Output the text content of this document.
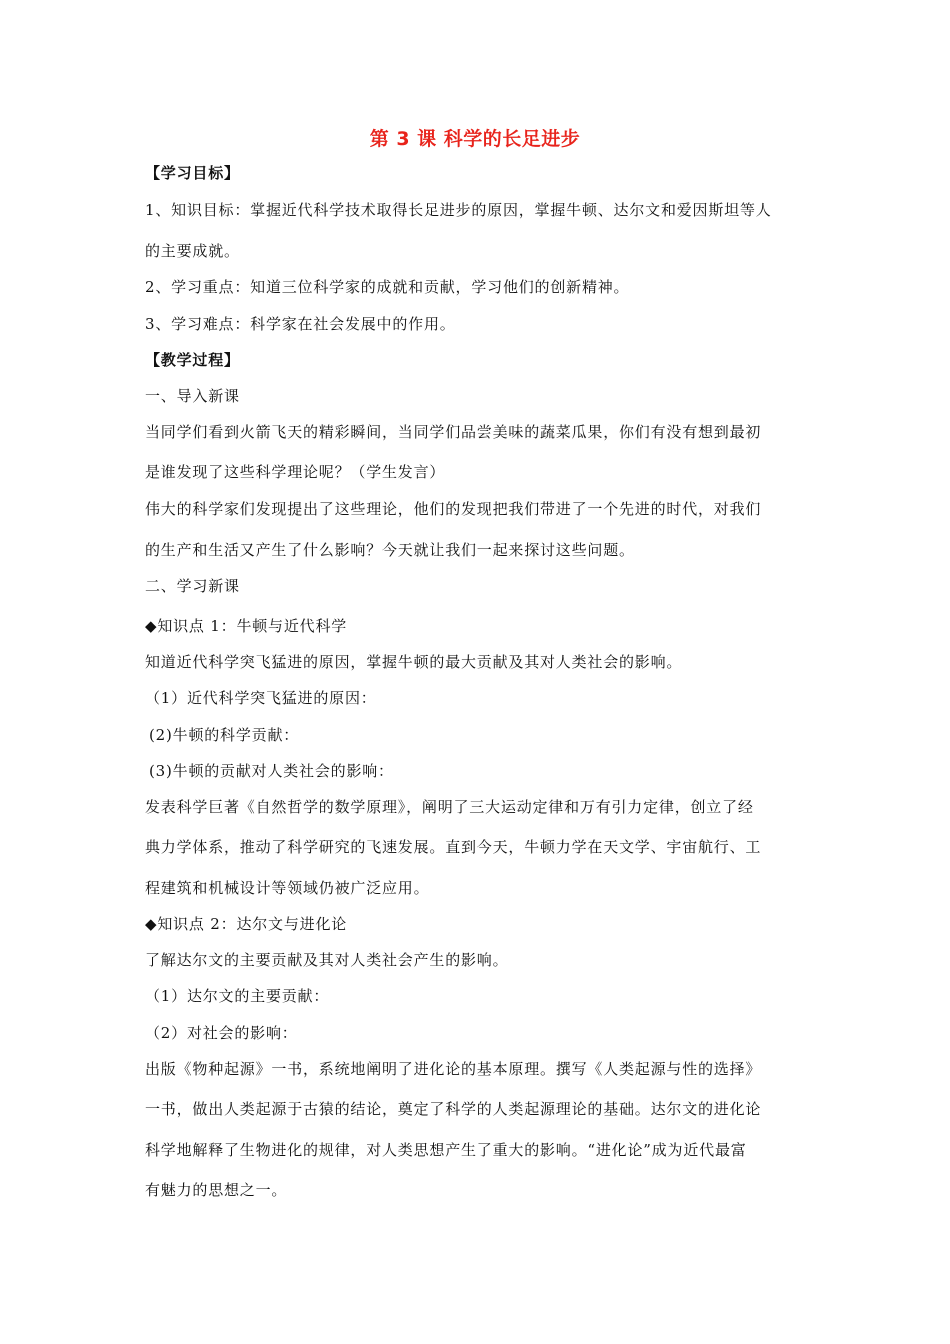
第 3 课 科学的长足进步
【学习目标】
1、知识目标：掌握近代科学技术取得长足进步的原因，掌握牛顿、达尔文和爱因斯坦等人
的主要成就。
2、学习重点：知道三位科学家的成就和贡献，学习他们的创新精神。
3、学习难点：科学家在社会发展中的作用。
【教学过程】
一、导入新课
当同学们看到火箭飞天的精彩瞬间，当同学们品尝美味的蔬菜瓜果，你们有没有想到最初
是谁发现了这些科学理论呢？（学生发言）
伟大的科学家们发现提出了这些理论，他们的发现把我们带进了一个先进的时代，对我们
的生产和生活又产生了什么影响？今天就让我们一起来探讨这些问题。
二、学习新课
◆知识点 1：牛顿与近代科学
知道近代科学突飞猛进的原因，掌握牛顿的最大贡献及其对人类社会的影响。
（1）近代科学突飞猛进的原因：
(2)牛顿的科学贡献：
(3)牛顿的贡献对人类社会的影响：
发表科学巨著《自然哲学的数学原理》，阐明了三大运动定律和万有引力定律，创立了经
典力学体系，推动了科学研究的飞速发展。直到今天，牛顿力学在天文学、宇宙航行、工
程建筑和机械设计等领域仍被广泛应用。
◆知识点 2：达尔文与进化论
了解达尔文的主要贡献及其对人类社会产生的影响。
（1）达尔文的主要贡献：
（2）对社会的影响：
出版《物种起源》一书，系统地阐明了进化论的基本原理。撰写《人类起源与性的选择》
一书，做出人类起源于古猿的结论，奠定了科学的人类起源理论的基础。达尔文的进化论
科学地解释了生物进化的规律，对人类思想产生了重大的影响。“进化论”成为近代最富
有魅力的思想之一。
